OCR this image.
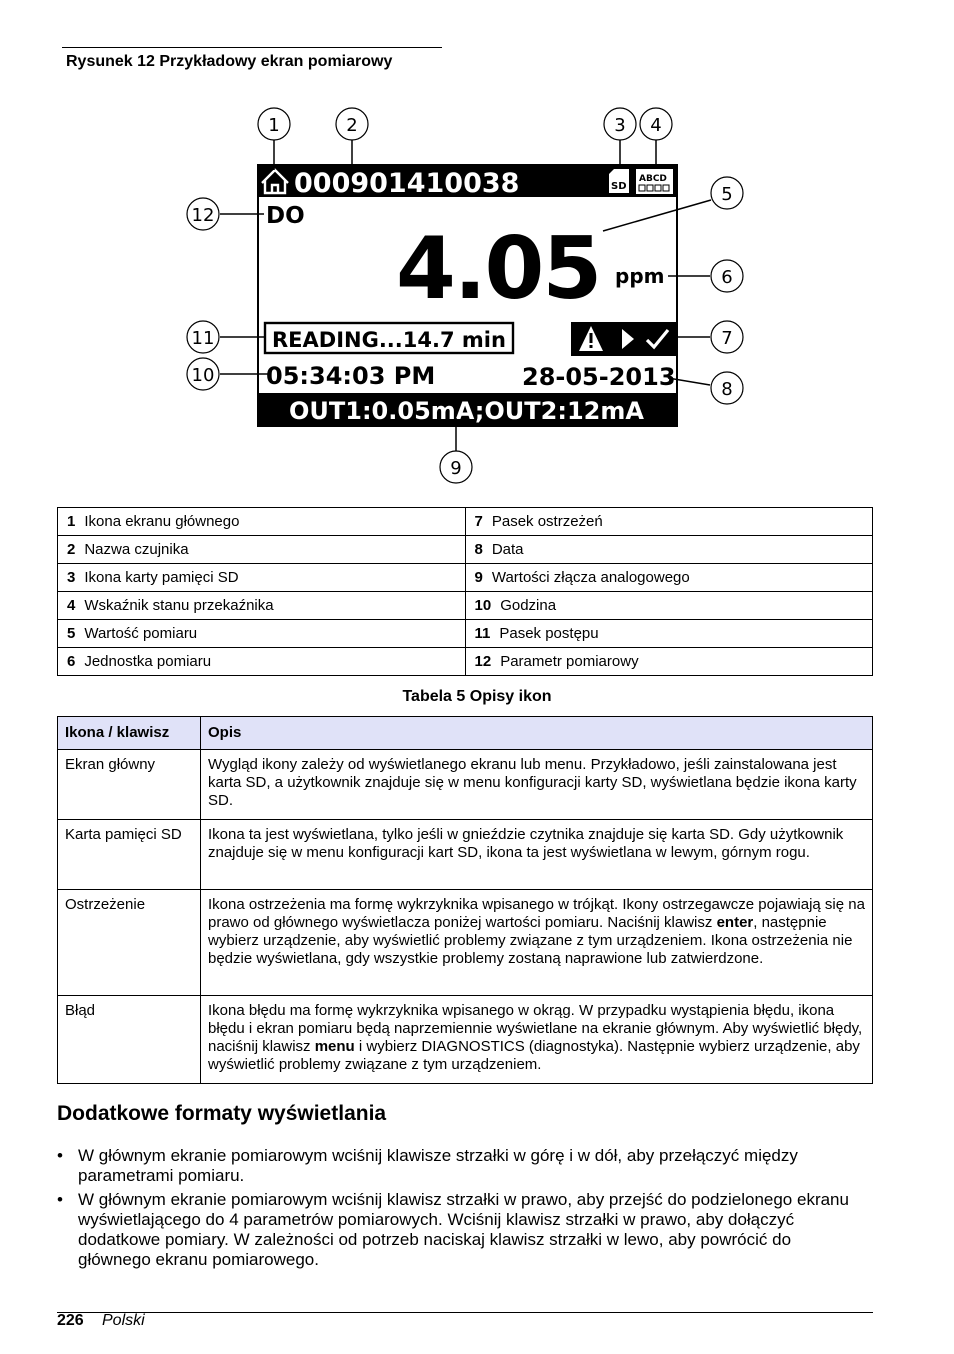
Rysunek 12 Przykładowy ekran pomiarowy
000901410038	SD
ABCD
DO
4.05 ppm
READING...14.7 min
05:34:03 PM	28-05-2013
OUT1:0.05mA;OUT2:12mA
1	2	3 4
5
6
7
8
9
10
11
12
1 Ikona ekranu głównego	7 Pasek ostrzeżeń
2 Nazwa czujnika	8 Data
3 Ikona karty pamięci SD	9 Wartości złącza analogowego
4 Wskaźnik stanu przekaźnika	10 Godzina
5 Wartość pomiaru	11 Pasek postępu
6 Jednostka pomiaru	12 Parametr pomiarowy
Tabela 5 Opisy ikon
Ikona / klawisz	Opis
Ekran główny	Wygląd ikony zależy od wyświetlanego ekranu lub menu. Przykładowo, jeśli zainstalowana jest karta SD, a użytkownik znajduje się w menu konfiguracji karty SD, wyświetlana będzie ikona karty SD.
Karta pamięci SD	Ikona ta jest wyświetlana, tylko jeśli w gnieździe czytnika znajduje się karta SD. Gdy użytkownik znajduje się w menu konfiguracji kart SD, ikona ta jest wyświetlana w lewym, górnym rogu.
Ostrzeżenie	Ikona ostrzeżenia ma formę wykrzyknika wpisanego w trójkąt. Ikony ostrzegawcze pojawiają się na prawo od głównego wyświetlacza poniżej wartości pomiaru. Naciśnij klawisz enter, następnie wybierz urządzenie, aby wyświetlić problemy związane z tym urządzeniem. Ikona ostrzeżenia nie będzie wyświetlana, gdy wszystkie problemy zostaną naprawione lub zatwierdzone.
Błąd	Ikona błędu ma formę wykrzyknika wpisanego w okrąg. W przypadku wystąpienia błędu, ikona błędu i ekran pomiaru będą naprzemiennie wyświetlane na ekranie głównym. Aby wyświetlić błędy, naciśnij klawisz menu i wybierz DIAGNOSTICS (diagnostyka). Następnie wybierz urządzenie, aby wyświetlić problemy związane z tym urządzeniem.
Dodatkowe formaty wyświetlania
• W głównym ekranie pomiarowym wciśnij klawisze strzałki w górę i w dół, aby przełączyć między parametrami pomiaru.
• W głównym ekranie pomiarowym wciśnij klawisz strzałki w prawo, aby przejść do podzielonego ekranu wyświetlającego do 4 parametrów pomiarowych. Wciśnij klawisz strzałki w prawo, aby dołączyć dodatkowe pomiary. W zależności od potrzeb naciskaj klawisz strzałki w lewo, aby powrócić do głównego ekranu pomiarowego.
226 Polski
